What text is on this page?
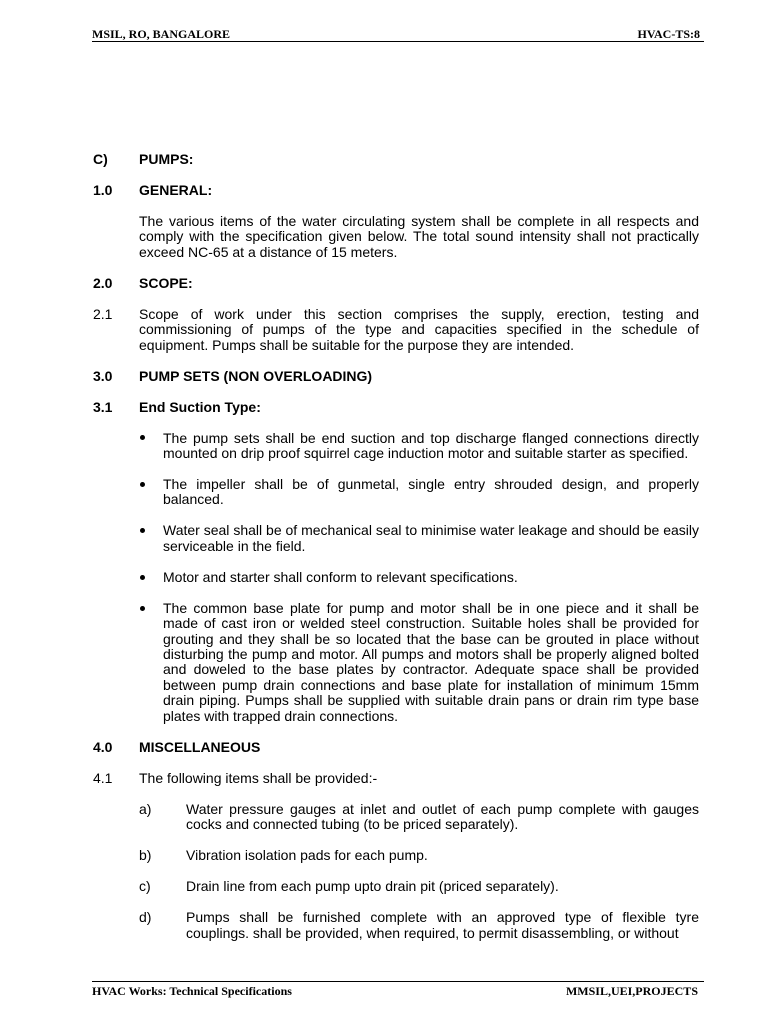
MSIL, RO, BANGALORE	HVAC-TS:8
C)	PUMPS:
1.0	GENERAL:
The various items of the water circulating system shall be complete in all respects and comply with the specification given below. The total sound intensity shall not practically exceed NC-65 at a distance of 15 meters.
2.0	SCOPE:
2.1	Scope of work under this section comprises the supply, erection, testing and commissioning of pumps of the type and capacities specified in the schedule of equipment. Pumps shall be suitable for the purpose they are intended.
3.0	PUMP SETS (NON OVERLOADING)
3.1	End Suction Type:
The pump sets shall be end suction and top discharge flanged connections directly mounted on drip proof squirrel cage induction motor and suitable starter as specified.
The impeller shall be of gunmetal, single entry shrouded design, and properly balanced.
Water seal shall be of mechanical seal to minimise water leakage and should be easily serviceable in the field.
Motor and starter shall conform to relevant specifications.
The common base plate for pump and motor shall be in one piece and it shall be made of cast iron or welded steel construction. Suitable holes shall be provided for grouting and they shall be so located that the base can be grouted in place without disturbing the pump and motor. All pumps and motors shall be properly aligned bolted and doweled to the base plates by contractor. Adequate space shall be provided between pump drain connections and base plate for installation of minimum 15mm drain piping. Pumps shall be supplied with suitable drain pans or drain rim type base plates with trapped drain connections.
4.0	MISCELLANEOUS
4.1	The following items shall be provided:-
a)	Water pressure gauges at inlet and outlet of each pump complete with gauges cocks and connected tubing (to be priced separately).
b)	Vibration isolation pads for each pump.
c)	Drain line from each pump upto drain pit (priced separately).
d)	Pumps shall be furnished complete with an approved type of flexible tyre couplings. shall be provided, when required, to permit disassembling, or without
HVAC Works: Technical Specifications	MMSIL,UEI,PROJECTS
